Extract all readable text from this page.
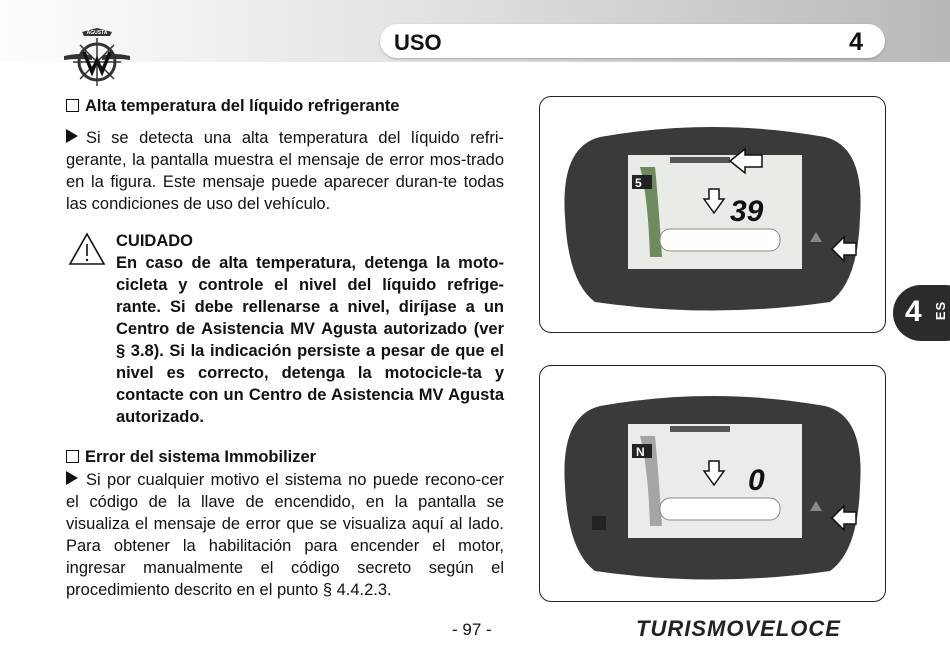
AGUSTA	USO	4
4 ES
Alta temperatura del líquido refrigerante
Si se detecta una alta temperatura del líquido refri-gerante, la pantalla muestra el mensaje de error mos-trado en la figura. Este mensaje puede aparecer duran-te todas las condiciones de uso del vehículo.
CUIDADO
En caso de alta temperatura, detenga la moto-cicleta y controle el nivel del líquido refrige-rante. Si debe rellenarse a nivel, diríjase a un Centro de Asistencia MV Agusta autorizado (ver § 3.8). Si la indicación persiste a pesar de que el nivel es correcto, detenga la motocicle-ta y contacte con un Centro de Asistencia MV Agusta autorizado.
Error del sistema Immobilizer
Si por cualquier motivo el sistema no puede recono-cer el código de la llave de encendido, en la pantalla se visualiza el mensaje de error que se visualiza aquí al lado. Para obtener la habilitación para encender el motor, ingresar manualmente el código secreto según el procedimiento descrito en el punto § 4.4.2.3.
5
39
N
0
- 97 -	TURISMOVELOCE
